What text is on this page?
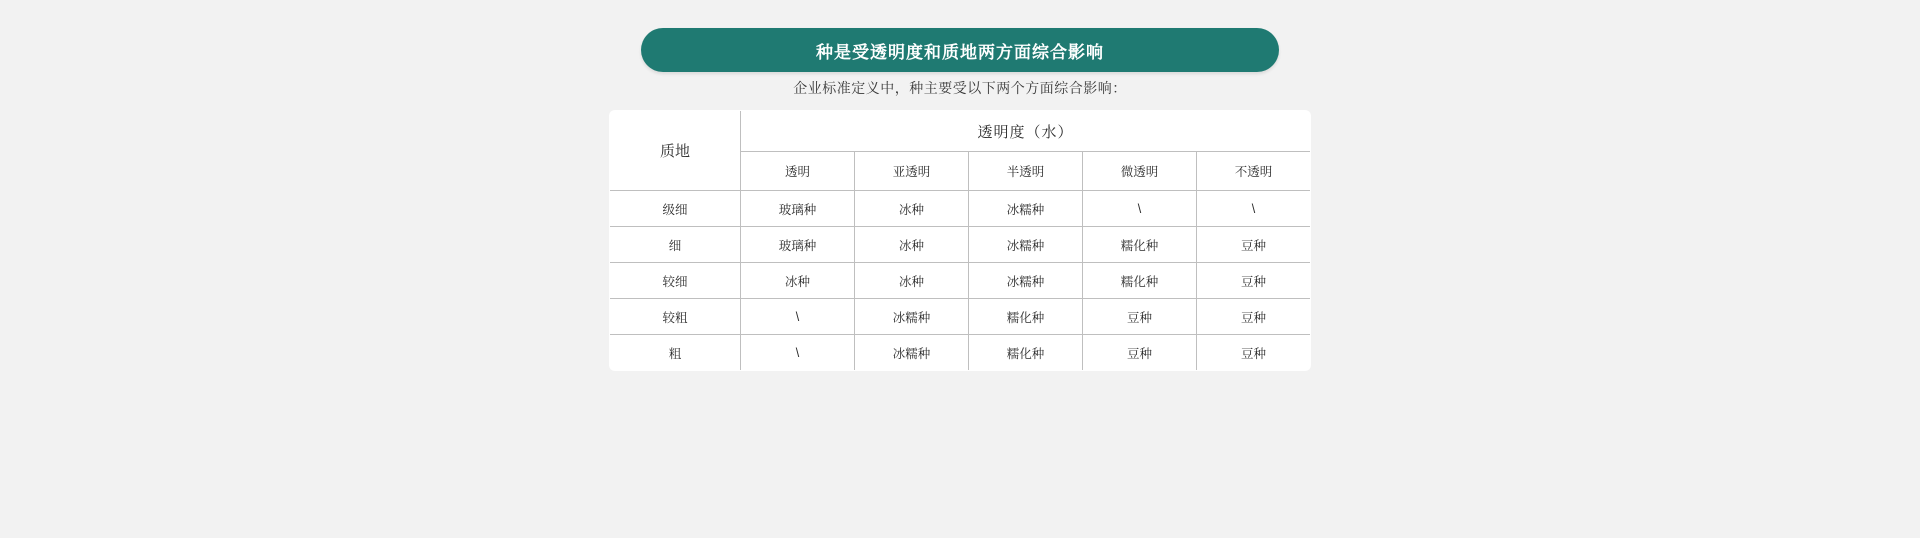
种是受透明度和质地两方面综合影响
企业标准定义中，种主要受以下两个方面综合影响：
质地	透明度（水）				
	透明	亚透明	半透明	微透明	不透明
级细	玻璃种	冰种	冰糯种	\	\
细	玻璃种	冰种	冰糯种	糯化种	豆种
较细	冰种	冰种	冰糯种	糯化种	豆种
较粗	\	冰糯种	糯化种	豆种	豆种
粗	\	冰糯种	糯化种	豆种	豆种
